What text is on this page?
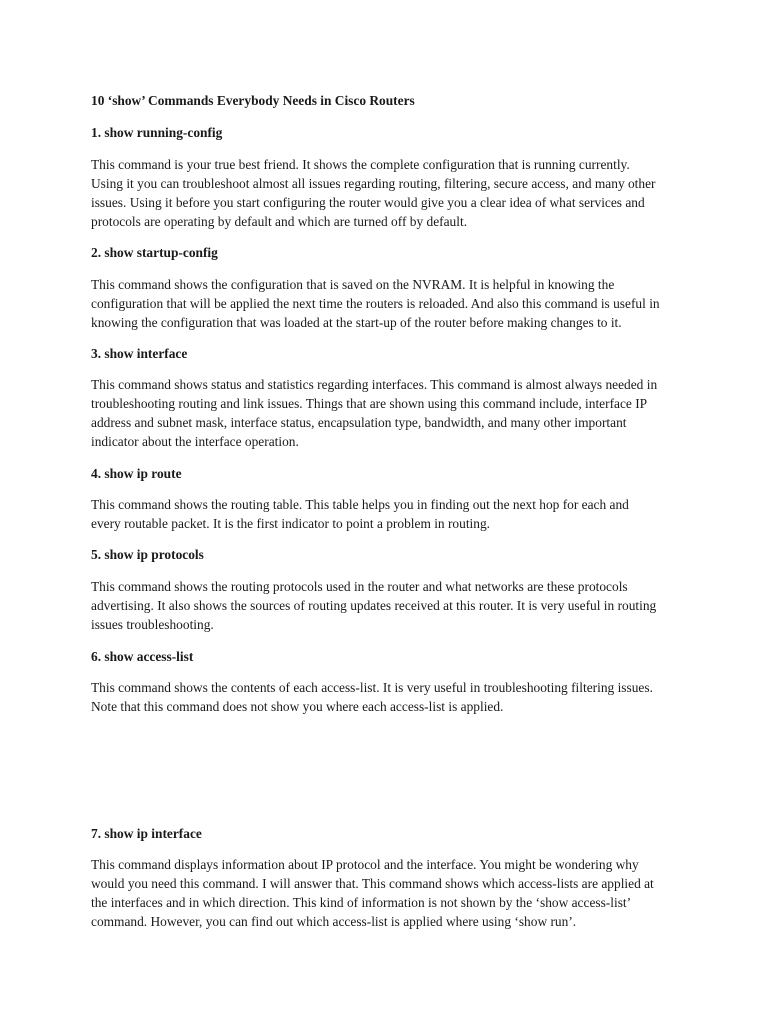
10 ‘show’ Commands Everybody Needs in Cisco Routers

1. show running-config

This command is your true best friend. It shows the complete configuration that is running currently.

Using it you can troubleshoot almost all issues regarding routing, filtering, secure access, and many other

issues. Using it before you start configuring the router would give you a clear idea of what services and

protocols are operating by default and which are turned off by default.

2. show startup-config

This command shows the configuration that is saved on the NVRAM. It is helpful in knowing the

configuration that will be applied the next time the routers is reloaded. And also this command is useful in

knowing the configuration that was loaded at the start-up of the router before making changes to it.

3. show interface

This command shows status and statistics regarding interfaces. This command is almost always needed in

troubleshooting routing and link issues. Things that are shown using this command include, interface IP

address and subnet mask, interface status, encapsulation type, bandwidth, and many other important

indicator about the interface operation.

4. show ip route

This command shows the routing table. This table helps you in finding out the next hop for each and

every routable packet. It is the first indicator to point a problem in routing.

5. show ip protocols

This command shows the routing protocols used in the router and what networks are these protocols

advertising. It also shows the sources of routing updates received at this router. It is very useful in routing

issues troubleshooting.

6. show access-list

This command shows the contents of each access-list. It is very useful in troubleshooting filtering issues.

Note that this command does not show you where each access-list is applied.

7. show ip interface

This command displays information about IP protocol and the interface. You might be wondering why

would you need this command. I will answer that. This command shows which access-lists are applied at

the interfaces and in which direction. This kind of information is not shown by the ‘show access-list’

command. However, you can find out which access-list is applied where using ‘show run’.
